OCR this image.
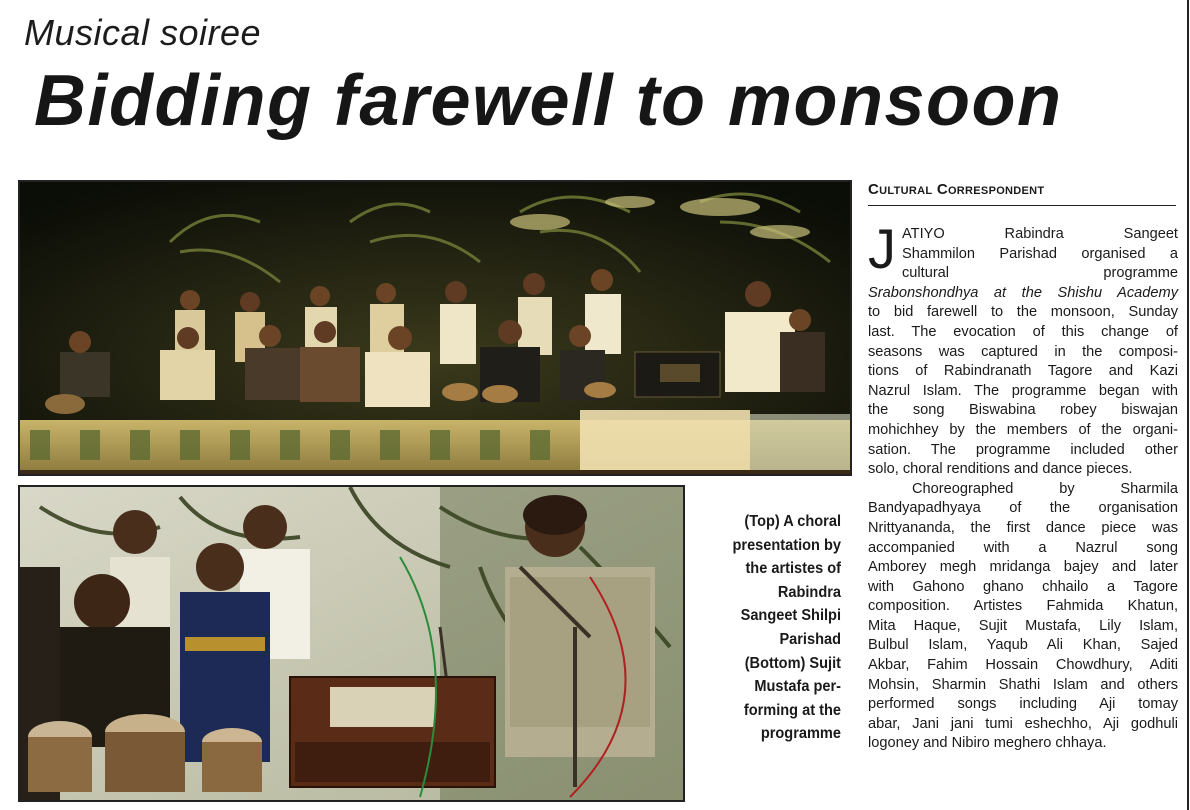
Musical soiree
Bidding farewell to monsoon
(Top) A choral
presentation by
the artistes of
Rabindra
Sangeet Shilpi
Parishad
(Bottom) Sujit
Mustafa per-
forming at the
programme
Cultural Correspondent
J ATIYO Rabindra Sangeet
Shammilon Parishad organised a
cultural programme
Srabonshondhya at the Shishu Academy
to bid farewell to the monsoon, Sunday
last. The evocation of this change of
seasons was captured in the composi-
tions of Rabindranath Tagore and Kazi
Nazrul Islam. The programme began with
the song Biswabina robey biswajan
mohichhey by the members of the organi-
sation. The programme included other
solo, choral renditions and dance pieces.
Choreographed by Sharmila
Bandyapadhyaya of the organisation
Nrittyananda, the first dance piece was
accompanied with a Nazrul song
Amborey megh mridanga bajey and later
with Gahono ghano chhailo a Tagore
composition. Artistes Fahmida Khatun,
Mita Haque, Sujit Mustafa, Lily Islam,
Bulbul Islam, Yaqub Ali Khan, Sajed
Akbar, Fahim Hossain Chowdhury, Aditi
Mohsin, Sharmin Shathi Islam and others
performed songs including Aji tomay
abar, Jani jani tumi eshechho, Aji godhuli
logoney and Nibiro meghero chhaya.
